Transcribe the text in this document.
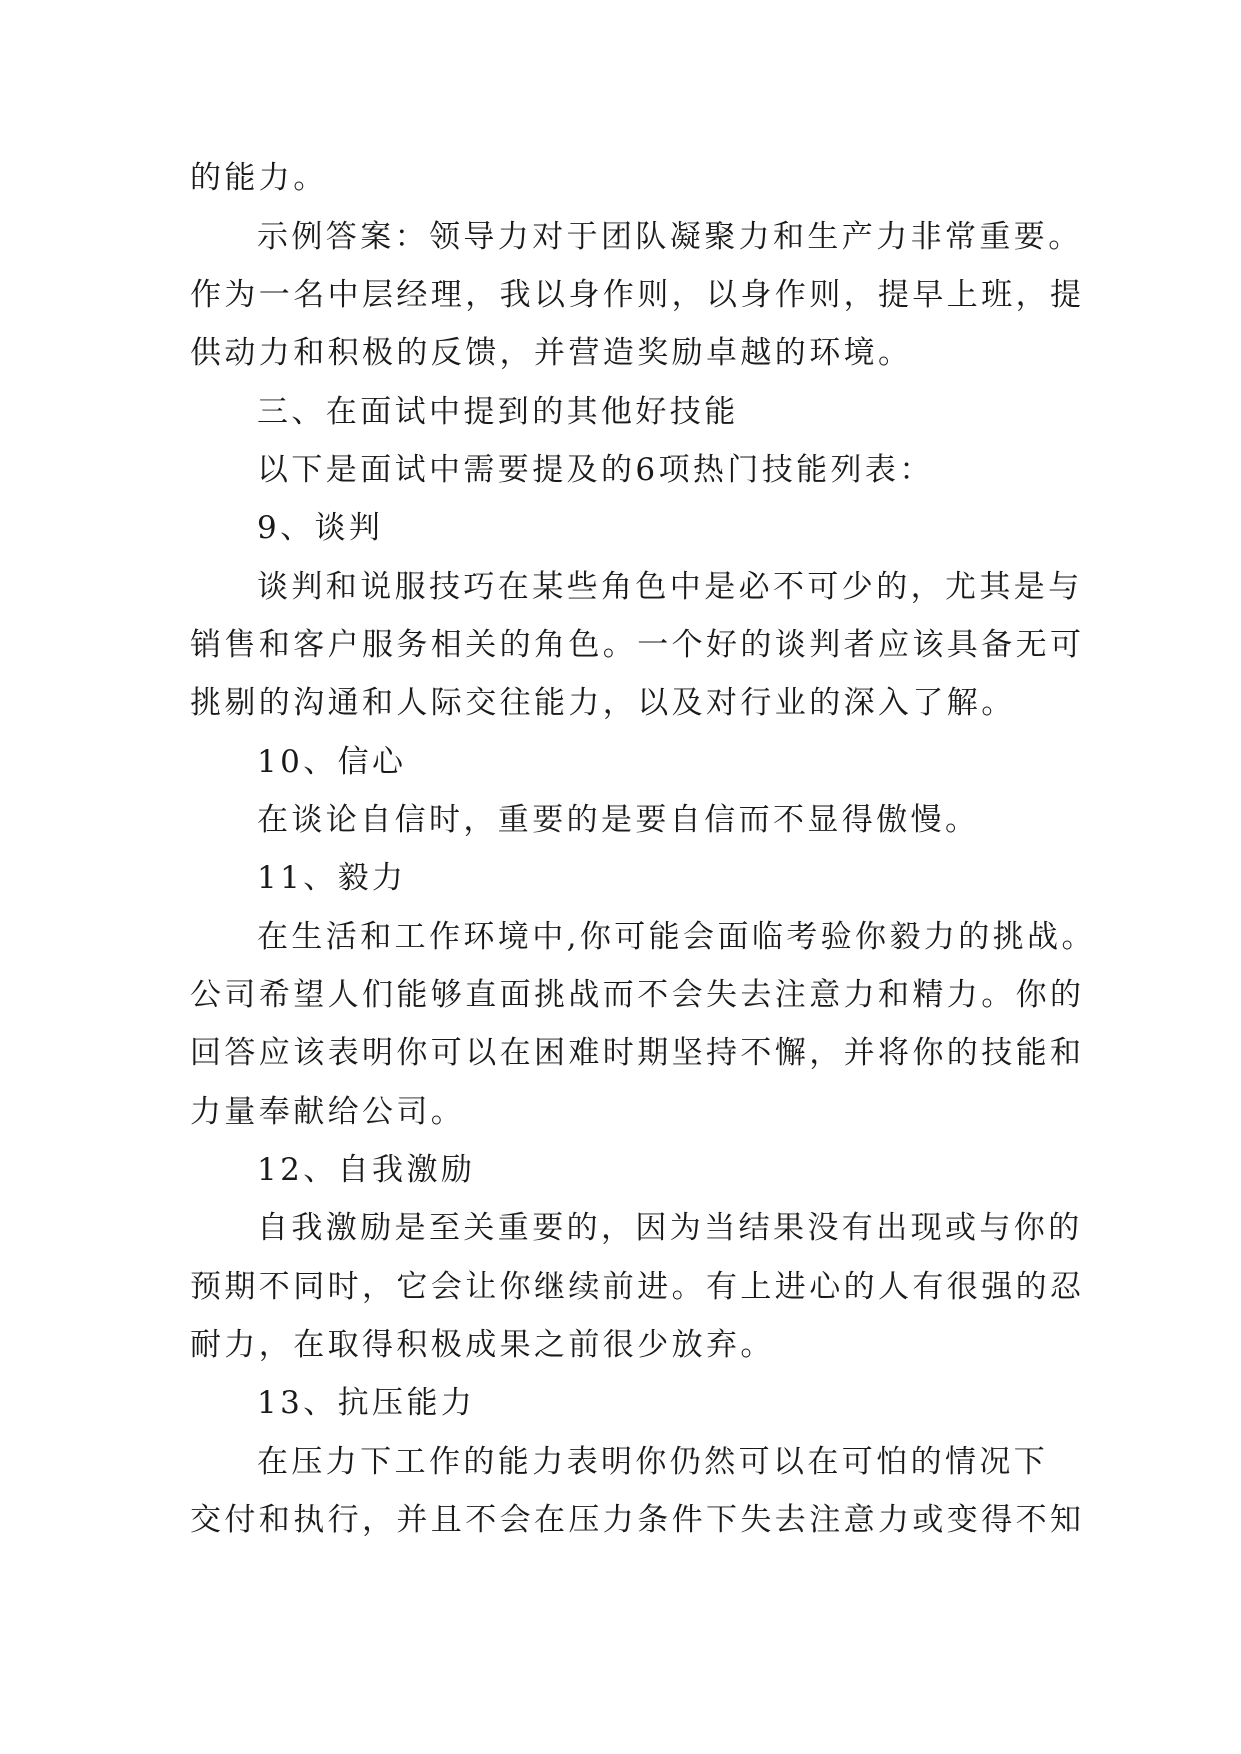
的能力。
示例答案：领导力对于团队凝聚力和生产力非常重要。
作为一名中层经理，我以身作则，以身作则，提早上班，提
供动力和积极的反馈，并营造奖励卓越的环境。
三、在面试中提到的其他好技能
以下是面试中需要提及的6项热门技能列表：
9、谈判
谈判和说服技巧在某些角色中是必不可少的，尤其是与
销售和客户服务相关的角色。一个好的谈判者应该具备无可
挑剔的沟通和人际交往能力，以及对行业的深入了解。
10、信心
在谈论自信时，重要的是要自信而不显得傲慢。
11、毅力
在生活和工作环境中,你可能会面临考验你毅力的挑战。
公司希望人们能够直面挑战而不会失去注意力和精力。你的
回答应该表明你可以在困难时期坚持不懈，并将你的技能和
力量奉献给公司。
12、自我激励
自我激励是至关重要的，因为当结果没有出现或与你的
预期不同时，它会让你继续前进。有上进心的人有很强的忍
耐力，在取得积极成果之前很少放弃。
13、抗压能力
在压力下工作的能力表明你仍然可以在可怕的情况下
交付和执行，并且不会在压力条件下失去注意力或变得不知
